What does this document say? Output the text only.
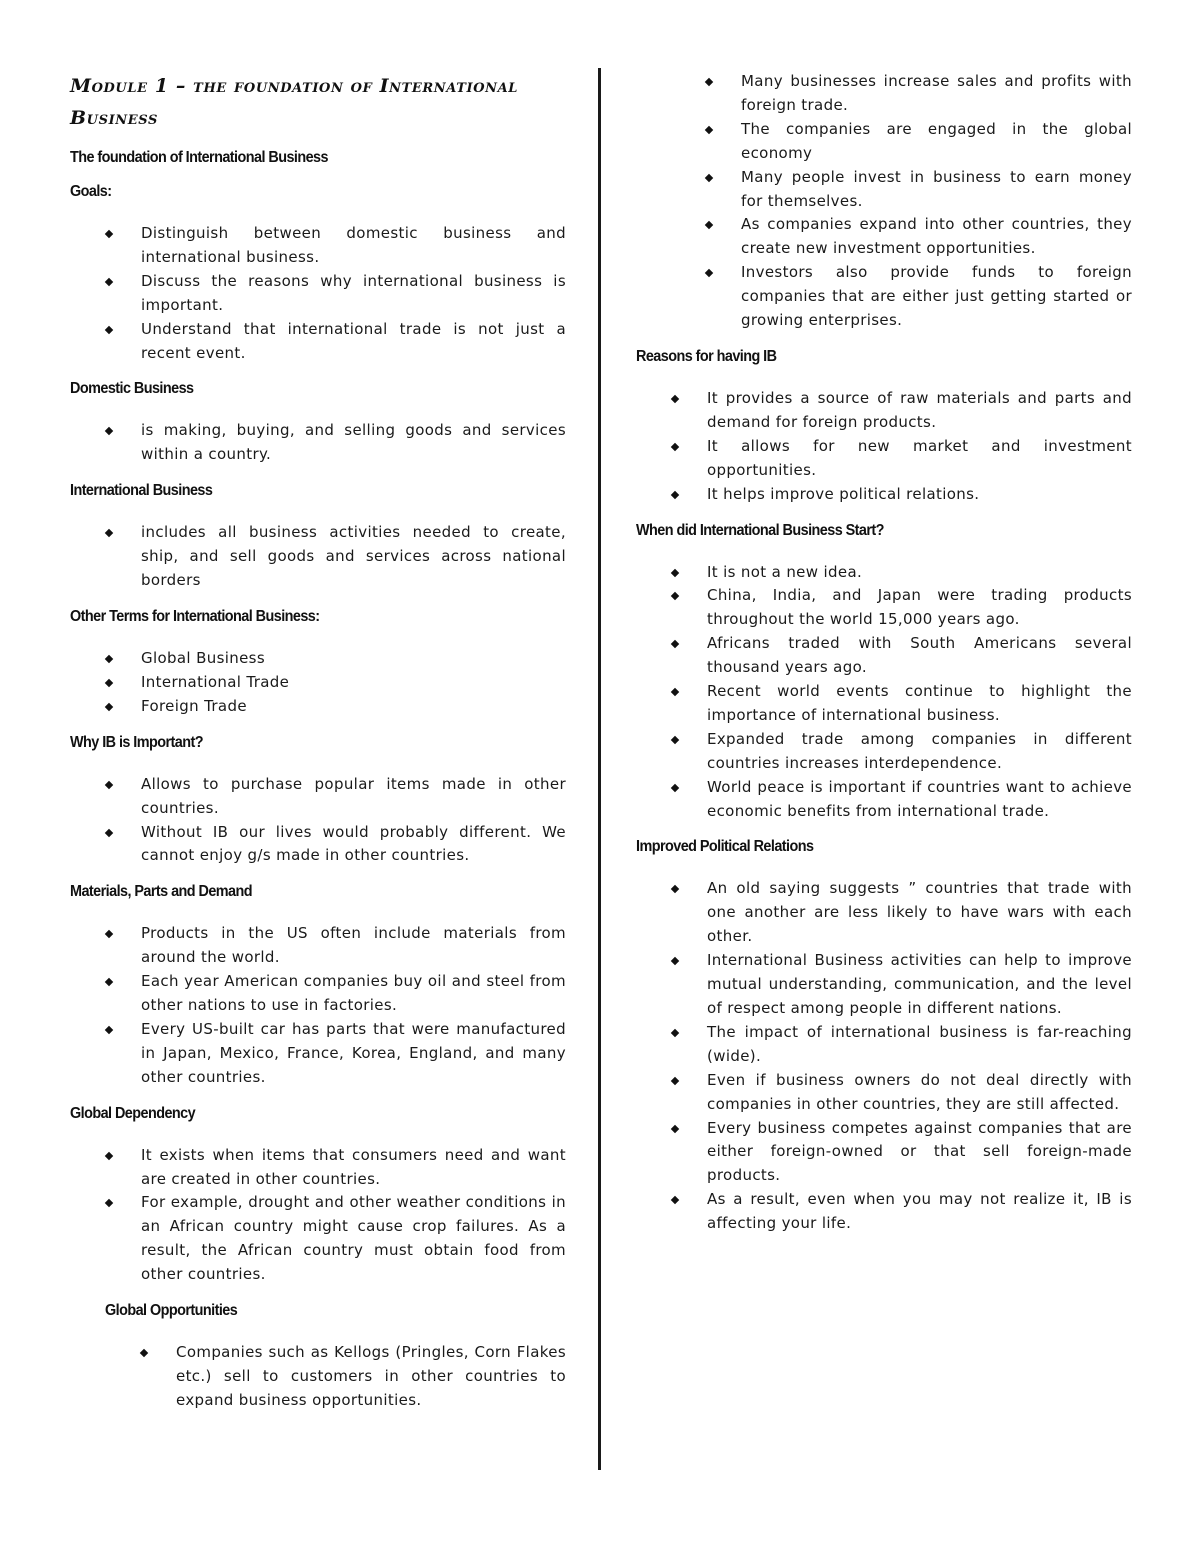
Module 1 – the foundation of International
Business
The foundation of International Business
Goals:
Distinguish between domestic business and international business.
Discuss the reasons why international business is important.
Understand that international trade is not just a recent event.
Domestic Business
is making, buying, and selling goods and services within a country.
International Business
includes all business activities needed to create, ship, and sell goods and services across national borders
Other Terms for International Business:
Global Business
International Trade
Foreign Trade
Why IB is Important?
Allows to purchase popular items made in other countries.
Without IB our lives would probably different. We cannot enjoy g/s made in other countries.
Materials, Parts and Demand
Products in the US often include materials from around the world.
Each year American companies buy oil and steel from other nations to use in factories.
Every US-built car has parts that were manufactured in Japan, Mexico, France, Korea, England, and many other countries.
Global Dependency
It exists when items that consumers need and want are created in other countries.
For example, drought and other weather conditions in an African country might cause crop failures. As a result, the African country must obtain food from other countries.
Global Opportunities
Companies such as Kellogs (Pringles, Corn Flakes etc.) sell to customers in other countries to expand business opportunities.
Many businesses increase sales and profits with foreign trade.
The companies are engaged in the global economy
Many people invest in business to earn money for themselves.
As companies expand into other countries, they create new investment opportunities.
Investors also provide funds to foreign companies that are either just getting started or growing enterprises.
Reasons for having IB
It provides a source of raw materials and parts and demand for foreign products.
It allows for new market and investment opportunities.
It helps improve political relations.
When did International Business Start?
It is not a new idea.
China, India, and Japan were trading products throughout the world 15,000 years ago.
Africans traded with South Americans several thousand years ago.
Recent world events continue to highlight the importance of international business.
Expanded trade among companies in different countries increases interdependence.
World peace is important if countries want to achieve economic benefits from international trade.
Improved Political Relations
An old saying suggests ” countries that trade with one another are less likely to have wars with each other.
International Business activities can help to improve mutual understanding, communication, and the level of respect among people in different nations.
The impact of international business is far-reaching (wide).
Even if business owners do not deal directly with companies in other countries, they are still affected.
Every business competes against companies that are either foreign-owned or that sell foreign-made products.
As a result, even when you may not realize it, IB is affecting your life.
